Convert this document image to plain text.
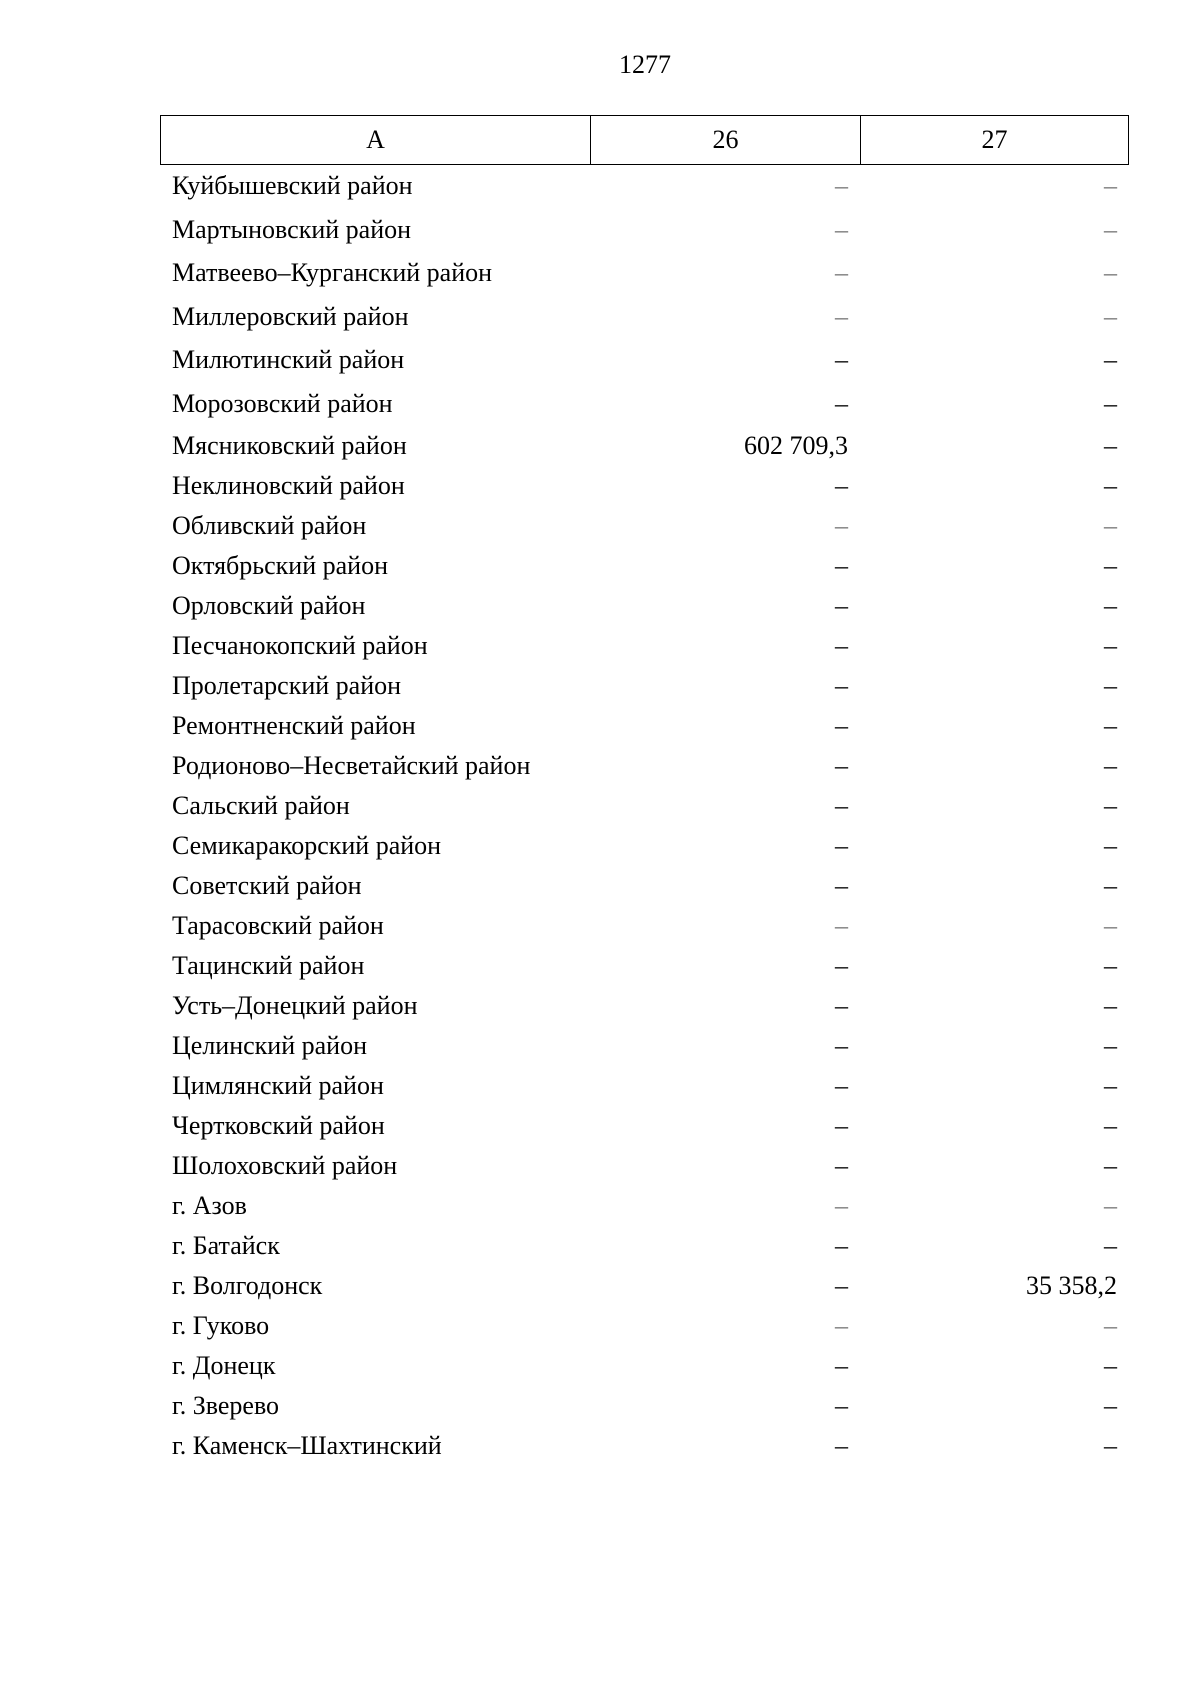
1277
А	26	27
Куйбышевский район	–	–
Мартыновский район	–	–
Матвеево–Курганский район	–	–
Миллеровский район	–	–
Милютинский район	–	–
Морозовский район	–	–
Мясниковский район	602 709,3	–
Неклиновский район	–	–
Обливский район	–	–
Октябрьский район	–	–
Орловский район	–	–
Песчанокопский район	–	–
Пролетарский район	–	–
Ремонтненский район	–	–
Родионово–Несветайский район	–	–
Сальский район	–	–
Семикаракорский район	–	–
Советский район	–	–
Тарасовский район	–	–
Тацинский район	–	–
Усть–Донецкий район	–	–
Целинский район	–	–
Цимлянский район	–	–
Чертковский район	–	–
Шолоховский район	–	–
г. Азов	–	–
г. Батайск	–	–
г. Волгодонск	–	35 358,2
г. Гуково	–	–
г. Донецк	–	–
г. Зверево	–	–
г. Каменск–Шахтинский	–	–
